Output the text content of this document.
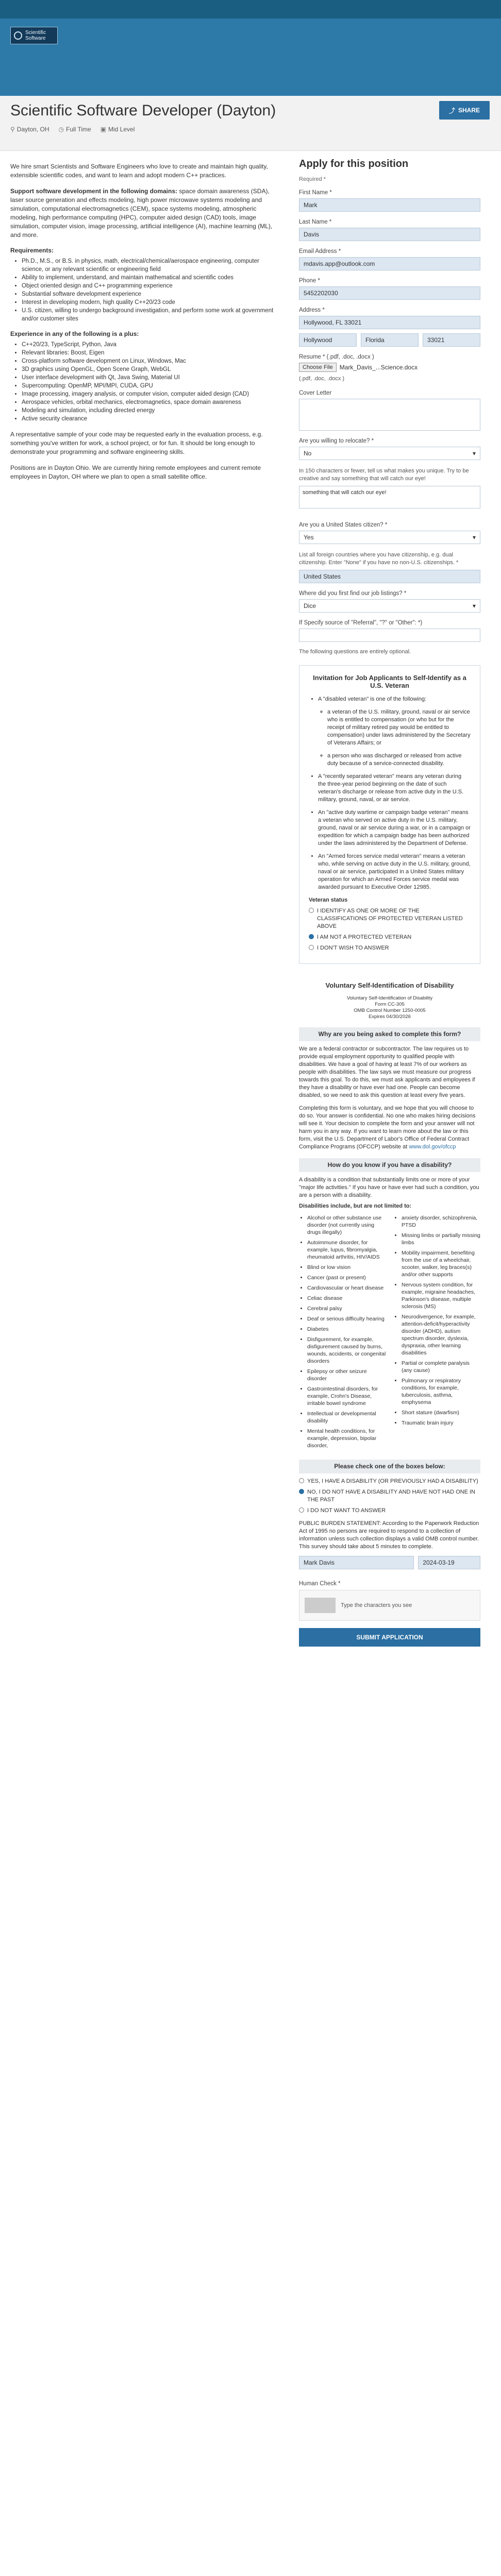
Scientific
Software
Scientific Software Developer (Dayton)
⚲ Dayton, OH ◷ Full Time ▣ Mid Level
⤴ SHARE

We hire smart Scientists and Software Engineers who love to create and maintain high quality, extensible scientific codes, and want to learn and adopt modern C++ practices.

Support software development in the following domains: space domain awareness (SDA), laser source generation and effects modeling, high power microwave systems modeling and simulation, computational electromagnetics (CEM), space systems modeling, atmospheric modeling, high performance computing (HPC), computer aided design (CAD) tools, image simulation, computer vision, image processing, artificial intelligence (AI), machine learning (ML), and more.

Requirements:
• Ph.D., M.S., or B.S. in physics, math, electrical/chemical/aerospace engineering, computer science, or any relevant scientific or engineering field
• Ability to implement, understand, and maintain mathematical and scientific codes
• Object oriented design and C++ programming experience
• Substantial software development experience
• Interest in developing modern, high quality C++20/23 code
• U.S. citizen, willing to undergo background investigation, and perform some work at government and/or customer sites
Experience in any of the following is a plus:
• C++20/23, TypeScript, Python, Java
• Relevant libraries: Boost, Eigen
• Cross-platform software development on Linux, Windows, Mac
• 3D graphics using OpenGL, Open Scene Graph, WebGL
• User interface development with Qt, Java Swing, Material UI
• Supercomputing: OpenMP, MPI/MPI, CUDA, GPU
• Image processing, imagery analysis, or computer vision, computer aided design (CAD)
• Aerospace vehicles, orbital mechanics, electromagnetics, space domain awareness
• Modeling and simulation, including directed energy
• Active security clearance

A representative sample of your code may be requested early in the evaluation process, e.g. something you've written for work, a school project, or for fun. It should be long enough to demonstrate your programming and software engineering skills.

Positions are in Dayton Ohio. We are currently hiring remote employees and current remote employees in Dayton, OH where we plan to open a small satellite office.

Apply for this position
Required *
First Name *
Mark
Last Name *
Davis
Email Address *
mdavis.app@outlook.com
Phone *
5452202030
Address *
Hollywood, FL 33021
Hollywood	Florida	33021
Resume * (.pdf, .doc, .docx )
Choose File	Mark_Davis_...Science.docx
(.pdf, .doc, .docx )
Cover Letter
Are you willing to relocate? *
No	▾
In 150 characters or fewer, tell us what makes you unique. Try to be creative and say something that will catch our eye!
something that will catch our eye!
Are you a United States citizen? *
Yes	▾
List all foreign countries where you have citizenship, e.g. dual citizenship. Enter "None" if you have no non-U.S. citizenships. *
United States
Where did you first find our job listings? *
Dice	▾
If Specify source of "Referral", "?" or "Other": *)
The following questions are entirely optional.
Invitation for Job Applicants to Self-Identify as a U.S. Veteran
• A "disabled veteran" is one of the following:
◦ a veteran of the U.S. military, ground, naval or air service who is entitled to compensation (or who but for the receipt of military retired pay would be entitled to compensation) under laws administered by the Secretary of Veterans Affairs; or
◦ a person who was discharged or released from active duty because of a service-connected disability.
• A "recently separated veteran" means any veteran during the three-year period beginning on the date of such veteran's discharge or release from active duty in the U.S. military, ground, naval, or air service.
• An "active duty wartime or campaign badge veteran" means a veteran who served on active duty in the U.S. military, ground, naval or air service during a war, or in a campaign or expedition for which a campaign badge has been authorized under the laws administered by the Department of Defense.
• An "Armed forces service medal veteran" means a veteran who, while serving on active duty in the U.S. military, ground, naval or air service, participated in a United States military operation for which an Armed Forces service medal was awarded pursuant to Executive Order 12985.
Veteran status
I IDENTIFY AS ONE OR MORE OF THE CLASSIFICATIONS OF PROTECTED VETERAN LISTED ABOVE
I AM NOT A PROTECTED VETERAN
I DON'T WISH TO ANSWER
Voluntary Self-Identification of Disability
Voluntary Self-Identification of Disability
Form CC-305
OMB Control Number 1250-0005
Expires 04/30/2026
Why are you being asked to complete this form?

We are a federal contractor or subcontractor. The law requires us to provide equal employment opportunity to qualified people with disabilities. We have a goal of having at least 7% of our workers as people with disabilities. The law says we must measure our progress towards this goal. To do this, we must ask applicants and employees if they have a disability or have ever had one. People can become disabled, so we need to ask this question at least every five years.

Completing this form is voluntary, and we hope that you will choose to do so. Your answer is confidential. No one who makes hiring decisions will see it. Your decision to complete the form and your answer will not harm you in any way. If you want to learn more about the law or this form, visit the U.S. Department of Labor's Office of Federal Contract Compliance Programs (OFCCP) website at www.dol.gov/ofccp

How do you know if you have a disability?

A disability is a condition that substantially limits one or more of your "major life activities." If you have or have ever had such a condition, you are a person with a disability.

Disabilities include, but are not limited to:
• Alcohol or other substance use disorder (not currently using drugs illegally)
• Autoimmune disorder, for example, lupus, fibromyalgia, rheumatoid arthritis, HIV/AIDS
• Blind or low vision
• Cancer (past or present)
• Cardiovascular or heart disease
• Celiac disease
• Cerebral palsy
• Deaf or serious difficulty hearing
• Diabetes
• Disfigurement, for example, disfigurement caused by burns, wounds, accidents, or congenital disorders
• Epilepsy or other seizure disorder
• Gastrointestinal disorders, for example, Crohn's Disease, irritable bowel syndrome
• Intellectual or developmental disability
• Mental health conditions, for example, depression, bipolar disorder,
• anxiety disorder, schizophrenia, PTSD
• Missing limbs or partially missing limbs
• Mobility impairment, benefiting from the use of a wheelchair, scooter, walker, leg braces(s) and/or other supports
• Nervous system condition, for example, migraine headaches, Parkinson's disease, multiple sclerosis (MS)
• Neurodivergence, for example, attention-deficit/hyperactivity disorder (ADHD), autism spectrum disorder, dyslexia, dyspraxia, other learning disabilities
• Partial or complete paralysis (any cause)
• Pulmonary or respiratory conditions, for example, tuberculosis, asthma, emphysema
• Short stature (dwarfism)
• Traumatic brain injury
Please check one of the boxes below:
YES, I HAVE A DISABILITY (OR PREVIOUSLY HAD A DISABILITY)
NO, I DO NOT HAVE A DISABILITY AND HAVE NOT HAD ONE IN THE PAST
I DO NOT WANT TO ANSWER

PUBLIC BURDEN STATEMENT: According to the Paperwork Reduction Act of 1995 no persons are required to respond to a collection of information unless such collection displays a valid OMB control number. This survey should take about 5 minutes to complete.

Mark Davis	2024-03-19
Human Check *
Type the characters you see
SUBMIT APPLICATION
